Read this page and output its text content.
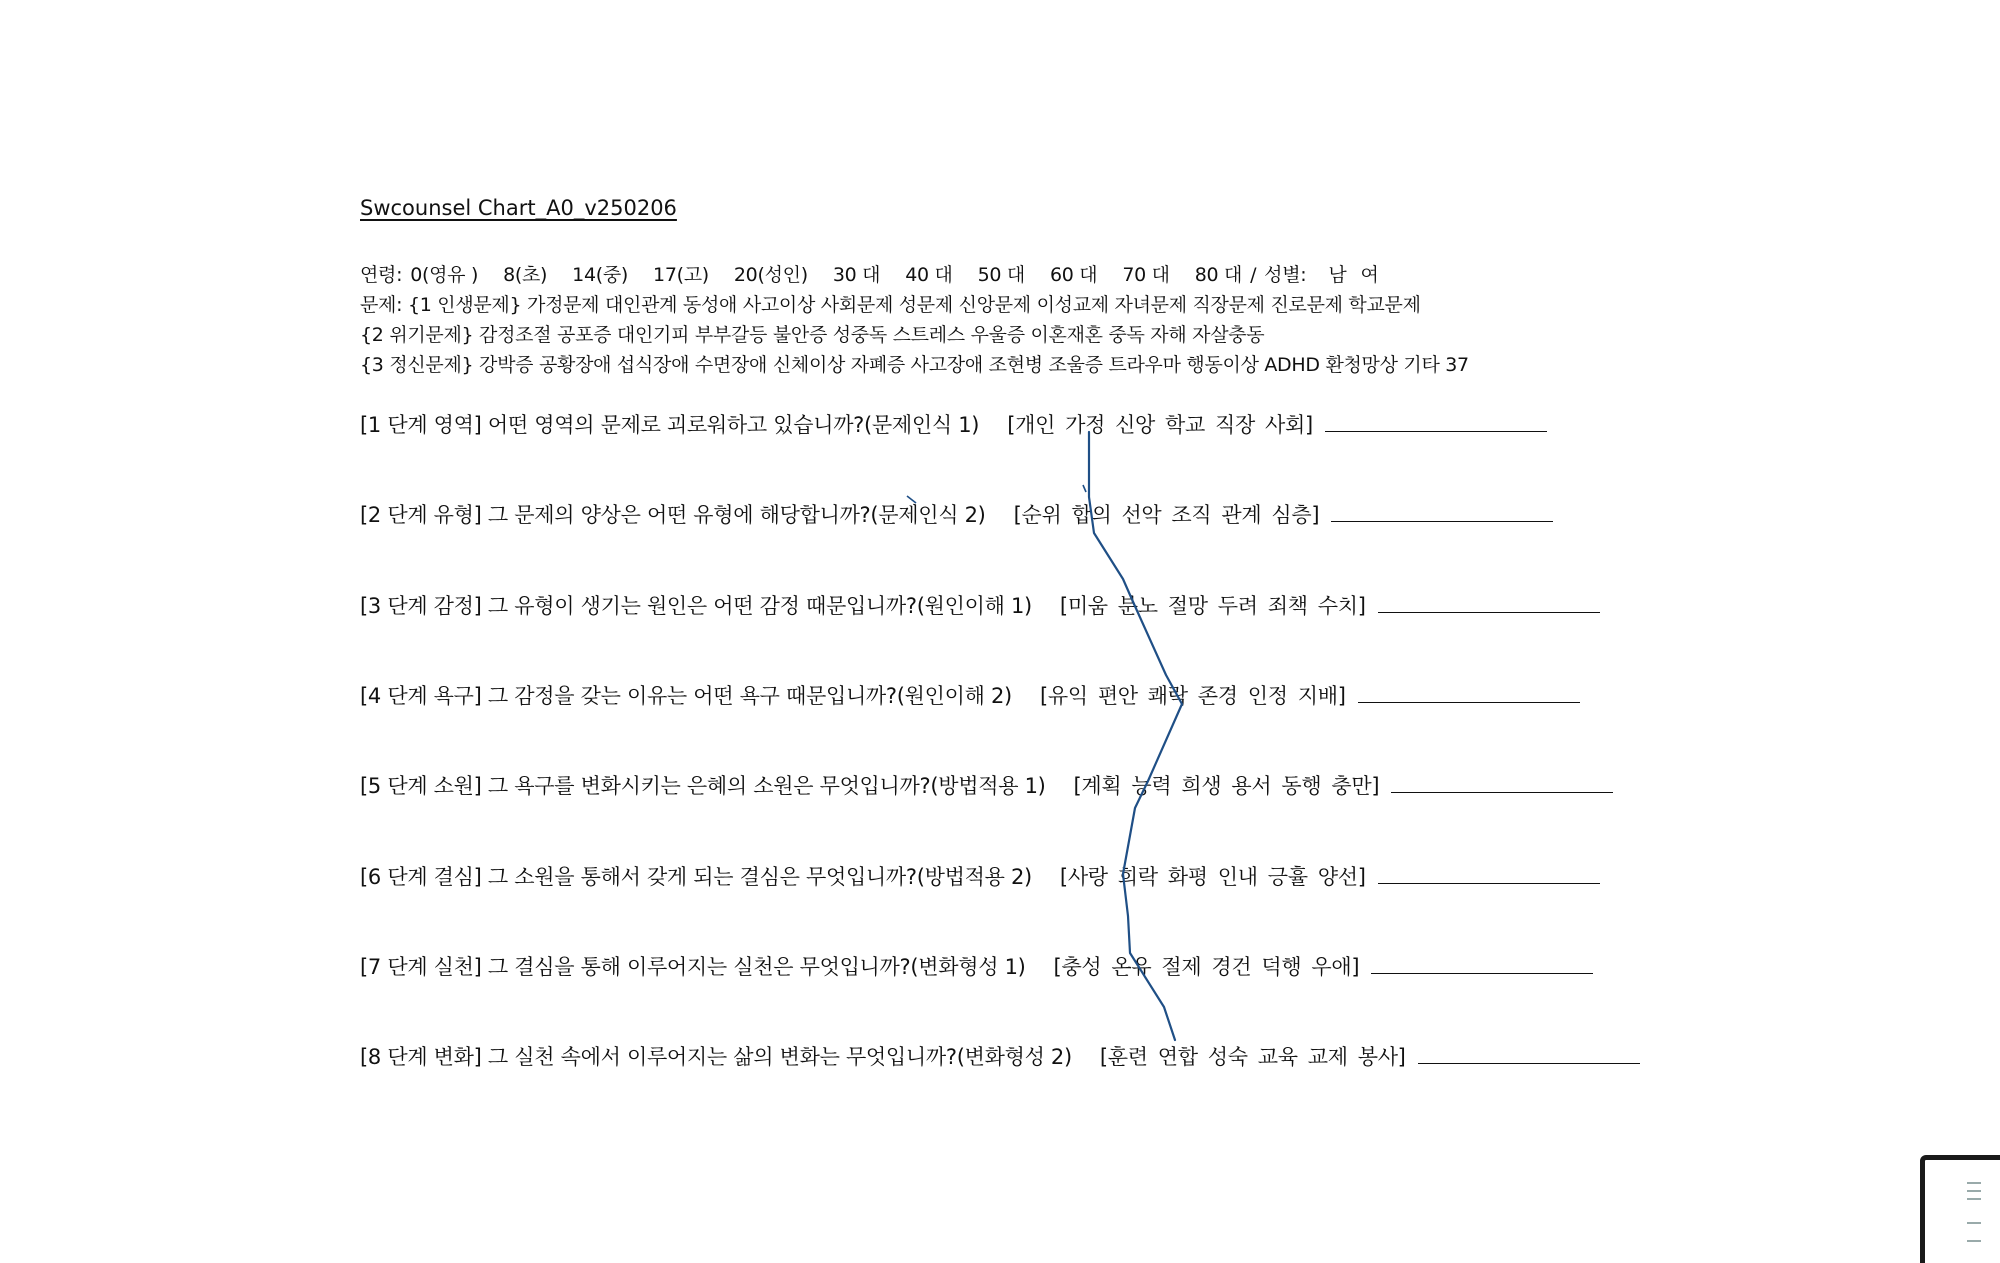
Swcounsel Chart_A0_v250206
연령: 0(영유 ) 8(초) 14(중) 17(고) 20(성인) 30 대 40 대 50 대 60 대 70 대 80 대 / 성별: 남 여
문제: {1 인생문제} 가정문제 대인관계 동성애 사고이상 사회문제 성문제 신앙문제 이성교제 자녀문제 직장문제 진로문제 학교문제
{2 위기문제} 감정조절 공포증 대인기피 부부갈등 불안증 성중독 스트레스 우울증 이혼재혼 중독 자해 자살충동
{3 정신문제} 강박증 공황장애 섭식장애 수면장애 신체이상 자폐증 사고장애 조현병 조울증 트라우마 행동이상 ADHD 환청망상 기타 37
[1 단계 영역] 어떤 영역의 문제로 괴로워하고 있습니까?(문제인식 1) [개인 가정 신앙 학교 직장 사회]
[2 단계 유형] 그 문제의 양상은 어떤 유형에 해당합니까?(문제인식 2) [순위 합의 선악 조직 관계 심층]
[3 단계 감정] 그 유형이 생기는 원인은 어떤 감정 때문입니까?(원인이해 1) [미움 분노 절망 두려 죄책 수치]
[4 단계 욕구] 그 감정을 갖는 이유는 어떤 욕구 때문입니까?(원인이해 2) [유익 편안 쾌락 존경 인정 지배]
[5 단계 소원] 그 욕구를 변화시키는 은혜의 소원은 무엇입니까?(방법적용 1) [계획 능력 희생 용서 동행 충만]
[6 단계 결심] 그 소원을 통해서 갖게 되는 결심은 무엇입니까?(방법적용 2) [사랑 희락 화평 인내 긍휼 양선]
[7 단계 실천] 그 결심을 통해 이루어지는 실천은 무엇입니까?(변화형성 1) [충성 온유 절제 경건 덕행 우애]
[8 단계 변화] 그 실천 속에서 이루어지는 삶의 변화는 무엇입니까?(변화형성 2) [훈련 연합 성숙 교육 교제 봉사]
